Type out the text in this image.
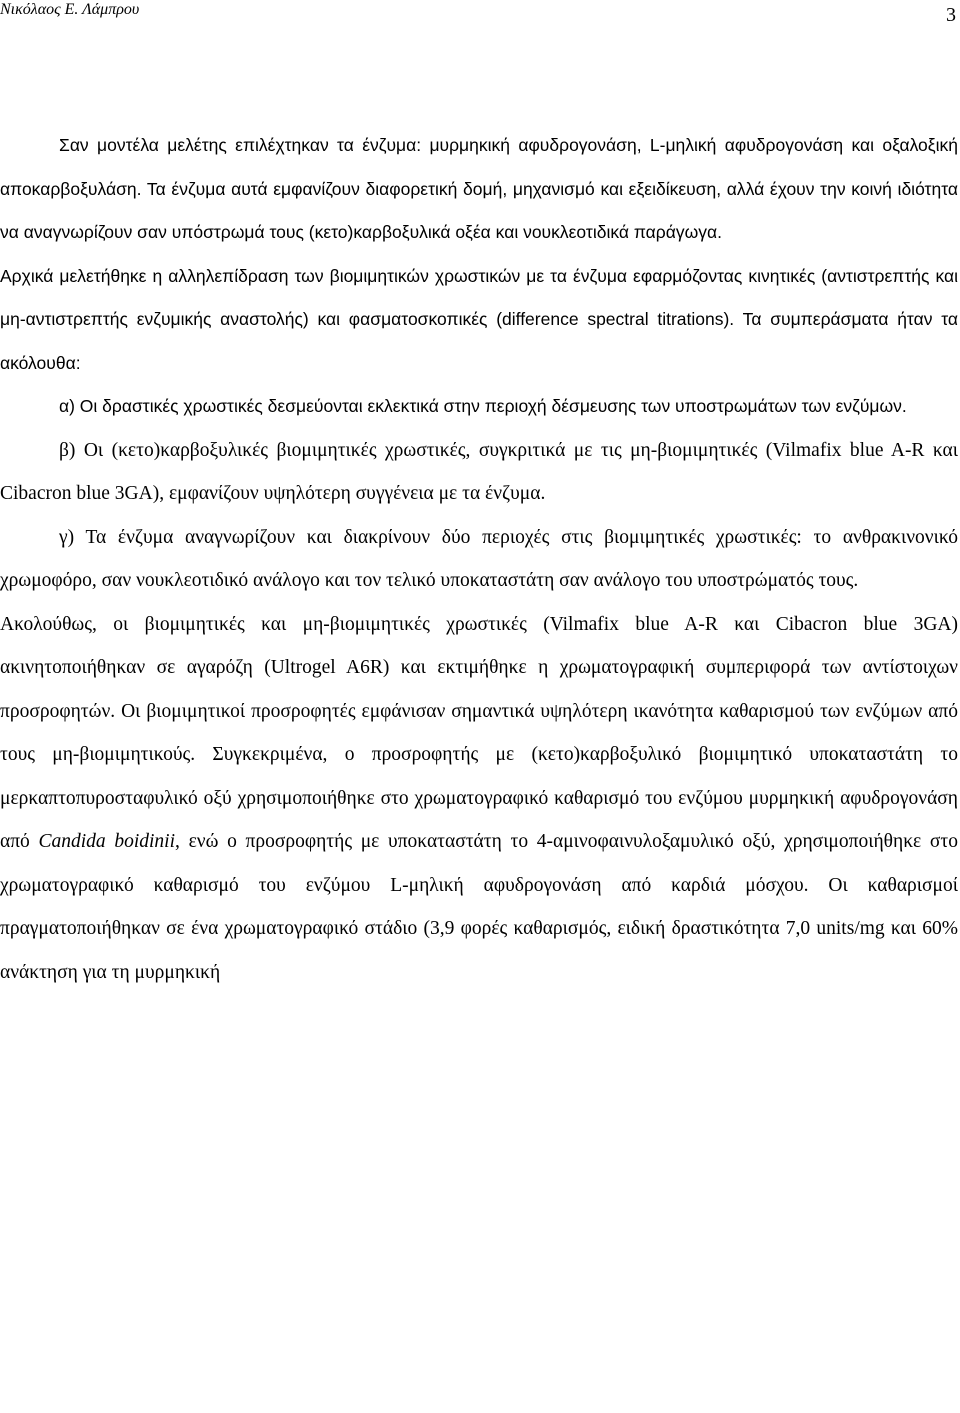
Νικόλαος Ε. Λάμπρου	3

Σαν μοντέλα μελέτης επιλέχτηκαν τα ένζυμα: μυρμηκική αφυδρογονάση, L-μηλική αφυδρογονάση και οξαλοξική αποκαρβοξυλάση. Τα ένζυμα αυτά εμφανίζουν διαφορετική δομή, μηχανισμό και εξειδίκευση, αλλά έχουν την κοινή ιδιότητα να αναγνωρίζουν σαν υπόστρωμά τους (κετο)καρβοξυλικά οξέα και νουκλεοτιδικά παράγωγα.

Αρχικά μελετήθηκε η αλληλεπίδραση των βιομιμητικών χρωστικών με τα ένζυμα εφαρμόζοντας κινητικές (αντιστρεπτής και μη-αντιστρεπτής ενζυμικής αναστολής) και φασματοσκοπικές (difference spectral titrations). Τα συμπεράσματα ήταν τα ακόλουθα:

α) Οι δραστικές χρωστικές δεσμεύονται εκλεκτικά στην περιοχή δέσμευσης των υποστρωμάτων των ενζύμων.

β) Οι (κετο)καρβοξυλικές βιομιμητικές χρωστικές, συγκριτικά με τις μη-βιομιμητικές (Vilmafix blue A-R και Cibacron blue 3GA), εμφανίζουν υψηλότερη συγγένεια με τα ένζυμα.

γ) Τα ένζυμα αναγνωρίζουν και διακρίνουν δύο περιοχές στις βιομιμητικές χρωστικές: το ανθρακινονικό χρωμοφόρο, σαν νουκλεοτιδικό ανάλογο και τον τελικό υποκαταστάτη σαν ανάλογο του υποστρώματός τους.

Ακολούθως, οι βιομιμητικές και μη-βιομιμητικές χρωστικές (Vilmafix blue A-R και Cibacron blue 3GA) ακινητοποιήθηκαν σε αγαρόζη (Ultrogel A6R) και εκτιμήθηκε η χρωματογραφική συμπεριφορά των αντίστοιχων προσροφητών. Οι βιομιμητικοί προσροφητές εμφάνισαν σημαντικά υψηλότερη ικανότητα καθαρισμού των ενζύμων από τους μη-βιομιμητικούς. Συγκεκριμένα, ο προσροφητής με (κετο)καρβοξυλικό βιομιμητικό υποκαταστάτη το μερκαπτοπυροσταφυλικό οξύ χρησιμοποιήθηκε στο χρωματογραφικό καθαρισμό του ενζύμου μυρμηκική αφυδρογονάση από Candida boidinii, ενώ ο προσροφητής με υποκαταστάτη το 4-αμινοφαινυλοξαμυλικό οξύ, χρησιμοποιήθηκε στο χρωματογραφικό καθαρισμό του ενζύμου L-μηλική αφυδρογονάση από καρδιά μόσχου. Οι καθαρισμοί πραγματοποιήθηκαν σε ένα χρωματογραφικό στάδιο (3,9 φορές καθαρισμός, ειδική δραστικότητα 7,0 units/mg και 60% ανάκτηση για τη μυρμηκική
